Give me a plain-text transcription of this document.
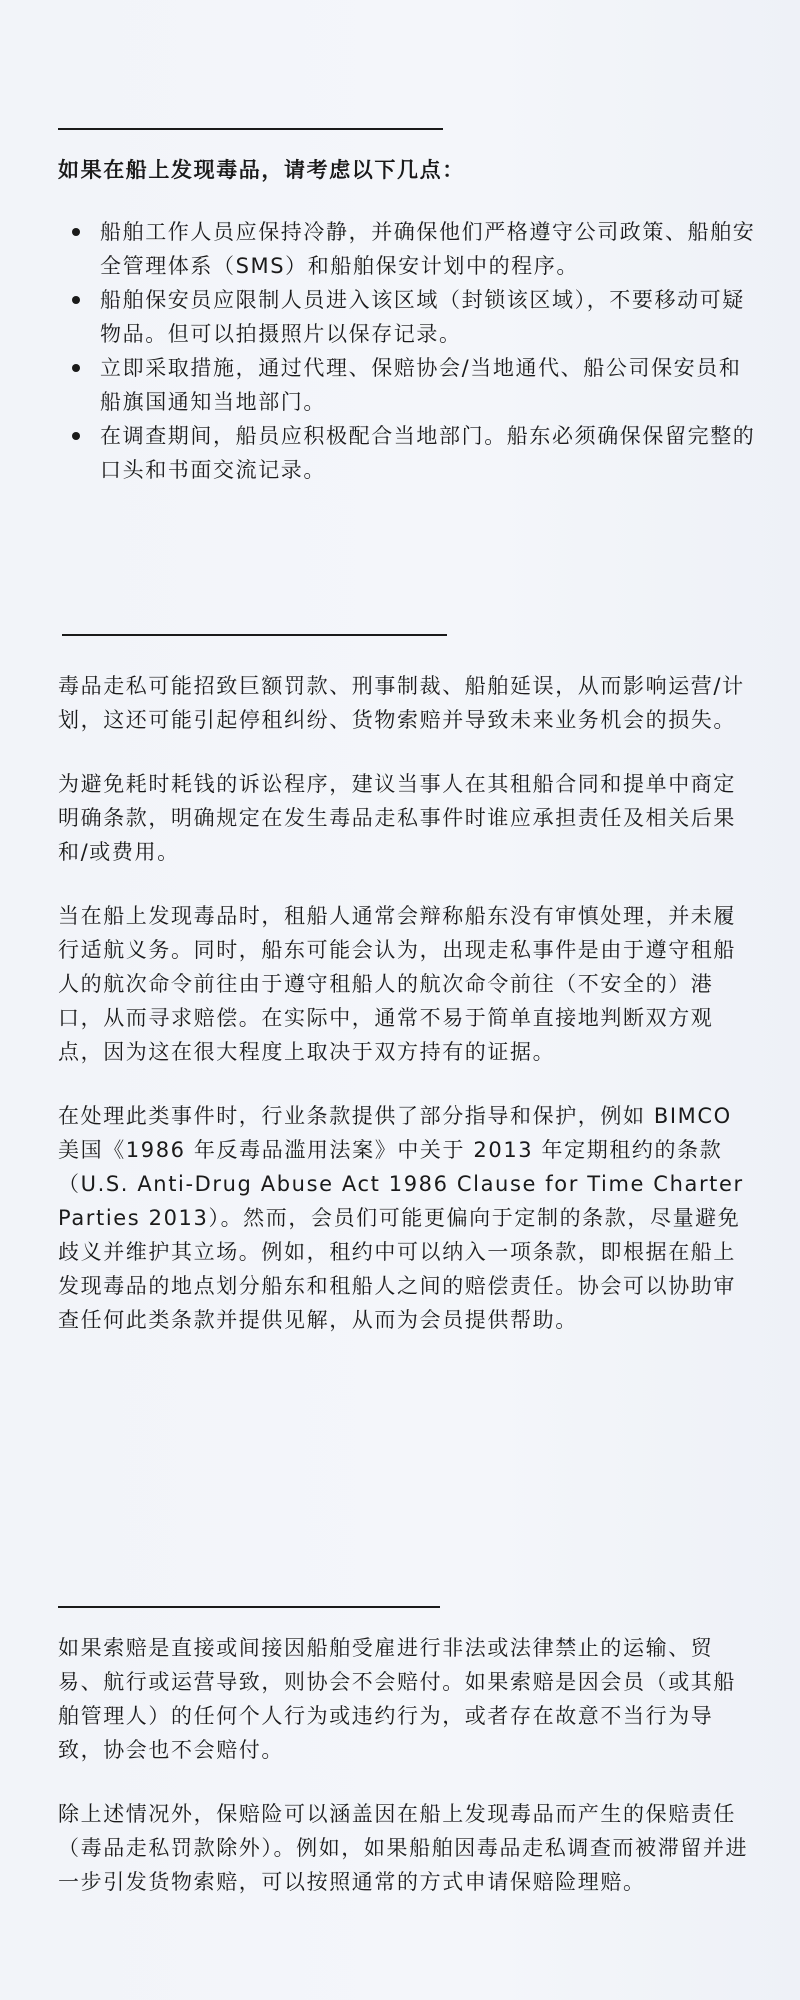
如果在船上发现毒品，请考虑以下几点：

船舶工作人员应保持冷静，并确保他们严格遵守公司政策、船舶安全管理体系（SMS）和船舶保安计划中的程序。
船舶保安员应限制人员进入该区域（封锁该区域），不要移动可疑物品。但可以拍摄照片以保存记录。
立即采取措施，通过代理、保赔协会/当地通代、船公司保安员和船旗国通知当地部门。
在调查期间，船员应积极配合当地部门。船东必须确保保留完整的口头和书面交流记录。

毒品走私可能招致巨额罚款、刑事制裁、船舶延误，从而影响运营/计划，这还可能引起停租纠纷、货物索赔并导致未来业务机会的损失。

为避免耗时耗钱的诉讼程序，建议当事人在其租船合同和提单中商定明确条款，明确规定在发生毒品走私事件时谁应承担责任及相关后果和/或费用。

当在船上发现毒品时，租船人通常会辩称船东没有审慎处理，并未履行适航义务。同时，船东可能会认为，出现走私事件是由于遵守租船人的航次命令前往由于遵守租船人的航次命令前往（不安全的）港口，从而寻求赔偿。在实际中，通常不易于简单直接地判断双方观点，因为这在很大程度上取决于双方持有的证据。

在处理此类事件时，行业条款提供了部分指导和保护，例如 BIMCO 美国《1986 年反毒品滥用法案》中关于 2013 年定期租约的条款（U.S. Anti-Drug Abuse Act 1986 Clause for Time Charter Parties 2013）。然而，会员们可能更偏向于定制的条款，尽量避免歧义并维护其立场。例如，租约中可以纳入一项条款，即根据在船上发现毒品的地点划分船东和租船人之间的赔偿责任。协会可以协助审查任何此类条款并提供见解，从而为会员提供帮助。

如果索赔是直接或间接因船舶受雇进行非法或法律禁止的运输、贸易、航行或运营导致，则协会不会赔付。如果索赔是因会员（或其船舶管理人）的任何个人行为或违约行为，或者存在故意不当行为导致，协会也不会赔付。

除上述情况外，保赔险可以涵盖因在船上发现毒品而产生的保赔责任（毒品走私罚款除外）。例如，如果船舶因毒品走私调查而被滞留并进一步引发货物索赔，可以按照通常的方式申请保赔险理赔。
